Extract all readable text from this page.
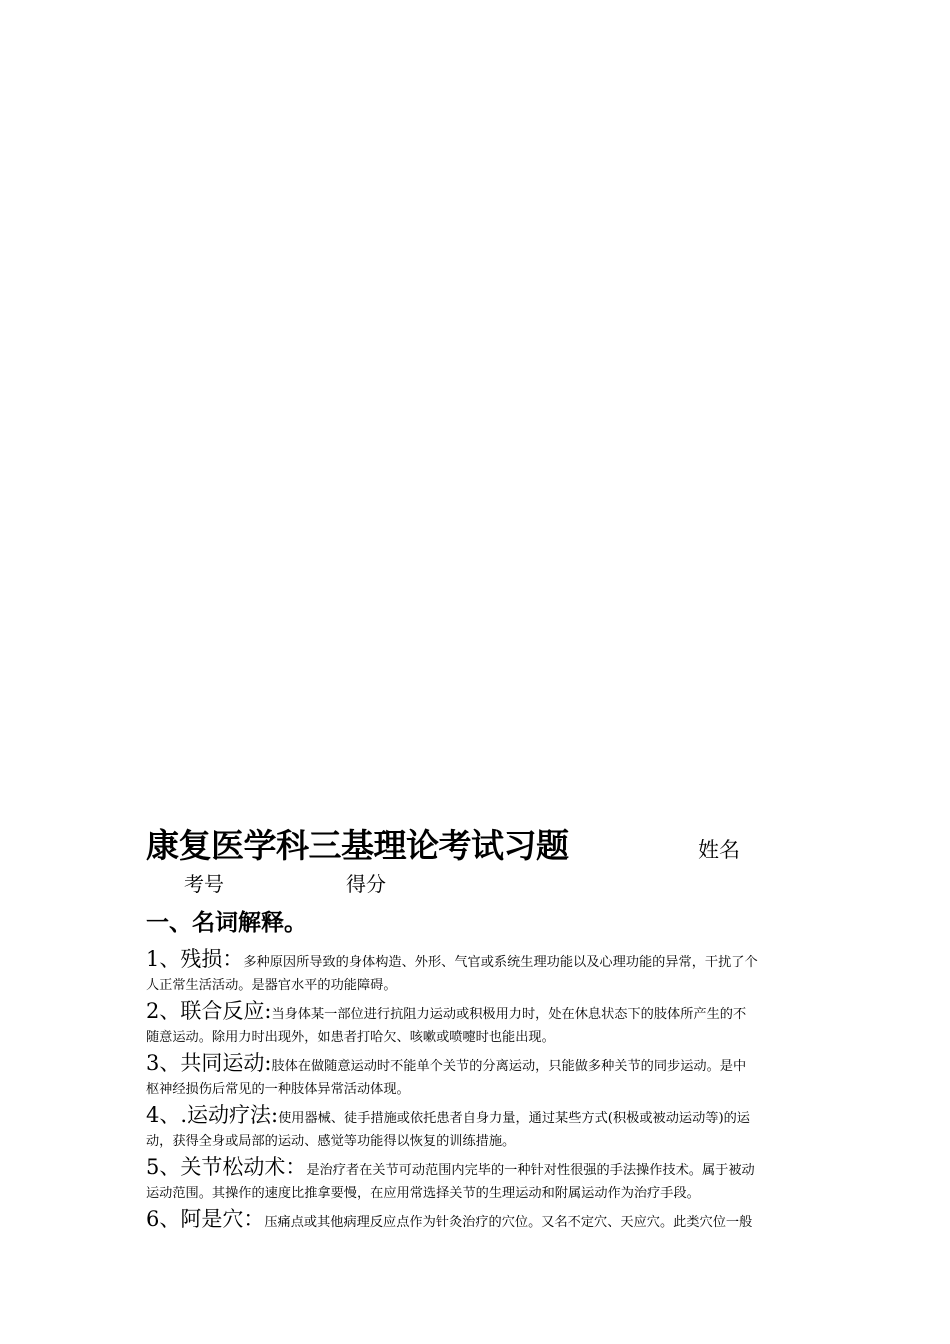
康复医学科三基理论考试习题	姓名
考号	得分
一、名词解释。

1、残损：多种原因所导致的身体构造、外形、气官或系统生理功能以及心理功能的异常，干扰了个
人正常生活活动。是器官水平的功能障碍。

2、联合反应:当身体某一部位进行抗阻力运动或积极用力时，处在休息状态下的肢体所产生的不
随意运动。除用力时出现外，如患者打哈欠、咳嗽或喷嚏时也能出现。

3、共同运动:肢体在做随意运动时不能单个关节的分离运动，只能做多种关节的同步运动。是中
枢神经损伤后常见的一种肢体异常活动体现。

4、.运动疗法:使用器械、徒手措施或依托患者自身力量，通过某些方式(积极或被动运动等)的运
动，获得全身或局部的运动、感觉等功能得以恢复的训练措施。

5、关节松动术：是治疗者在关节可动范围内完毕的一种针对性很强的手法操作技术。属于被动
运动范围。其操作的速度比推拿要慢，在应用常选择关节的生理运动和附属运动作为治疗手段。

6、阿是穴：压痛点或其他病理反应点作为针灸治疗的穴位。又名不定穴、天应穴。此类穴位一般
